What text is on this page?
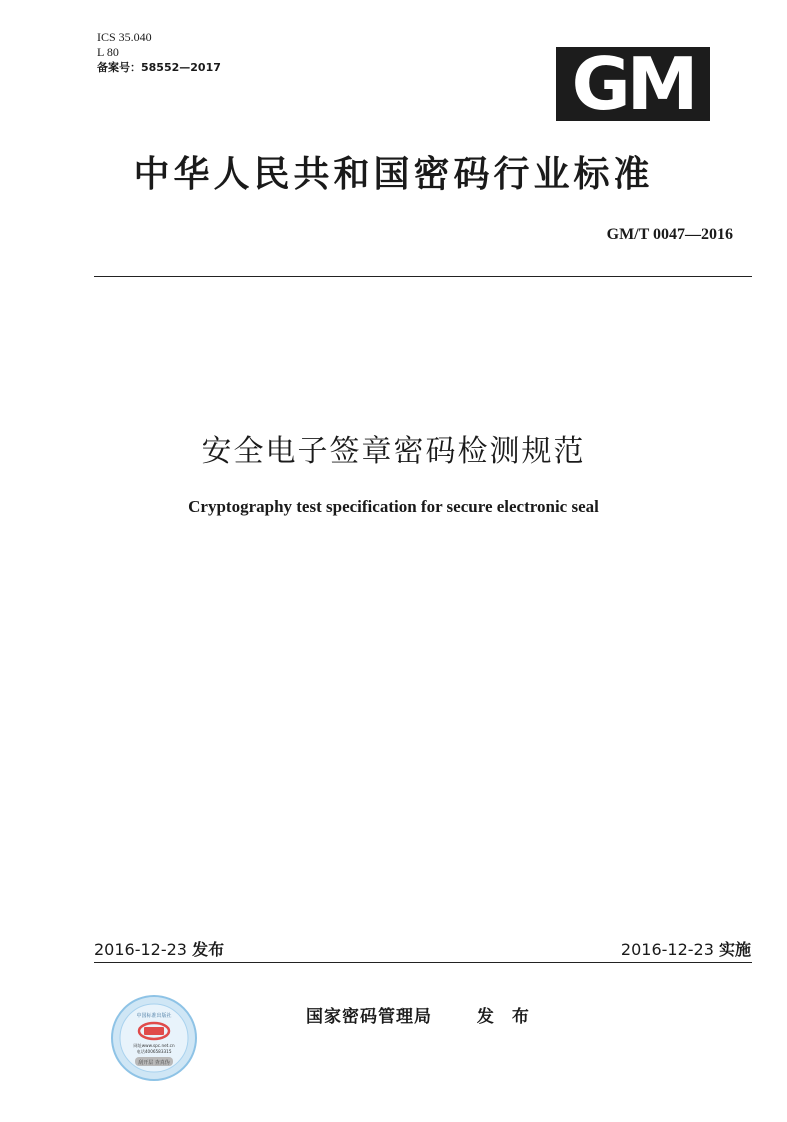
ICS 35.040
L 80
备案号：58552—2017	GM
中华人民共和国密码行业标准
GM/T 0047—2016
安全电子签章密码检测规范
Cryptography test specification for secure electronic seal
2016-12-23 发布	2016-12-23 实施
国家密码管理局	发 布
中国标准出版社
网址www.spc.net.cn
电话4006583315
刮开层 查真伪
